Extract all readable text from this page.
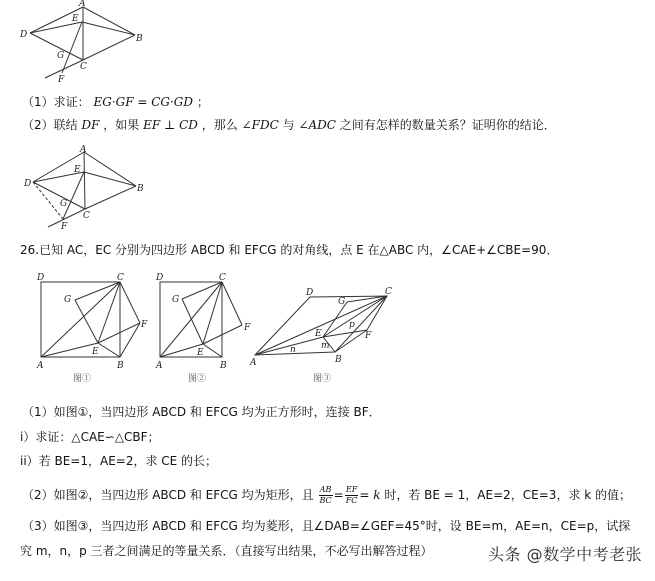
A
E
D	B
G
C
F
A
E
D	B
G
C
F
D	C
G
F
E
A	B
图①
D	C
G
F
E
A	B
图②
D	C
G
F
E
p
m
n
A	B
图③
（1）求证： EG·GF = CG·GD ；
（2）联结 DF ，如果 EF ⊥ CD ，那么 ∠FDC 与 ∠ADC 之间有怎样的数量关系？证明你的结论．
26.已知 AC，EC 分别为四边形 ABCD 和 EFCG 的对角线，点 E 在△ABC 内，∠CAE+∠CBE=90．
（1）如图①，当四边形 ABCD 和 EFCG 均为正方形时，连接 BF．
i）求证：△CAE∽△CBF；
ii）若 BE=1，AE=2，求 CE 的长；
（2）如图②，当四边形 ABCD 和 EFCG 均为矩形，且 $\frac{AB}{BC} = \frac{EF}{FC} = k$ 时，若 BE = 1，AE=2，CE=3，求 k 的值；
（3）如图③，当四边形 ABCD 和 EFCG 均为菱形，且∠DAB=∠GEF=45°时，设 BE=m，AE=n，CE=p，试探
究 m，n，p 三者之间满足的等量关系．（直接写出结果，不必写出解答过程）	头条 @数学中考老张
